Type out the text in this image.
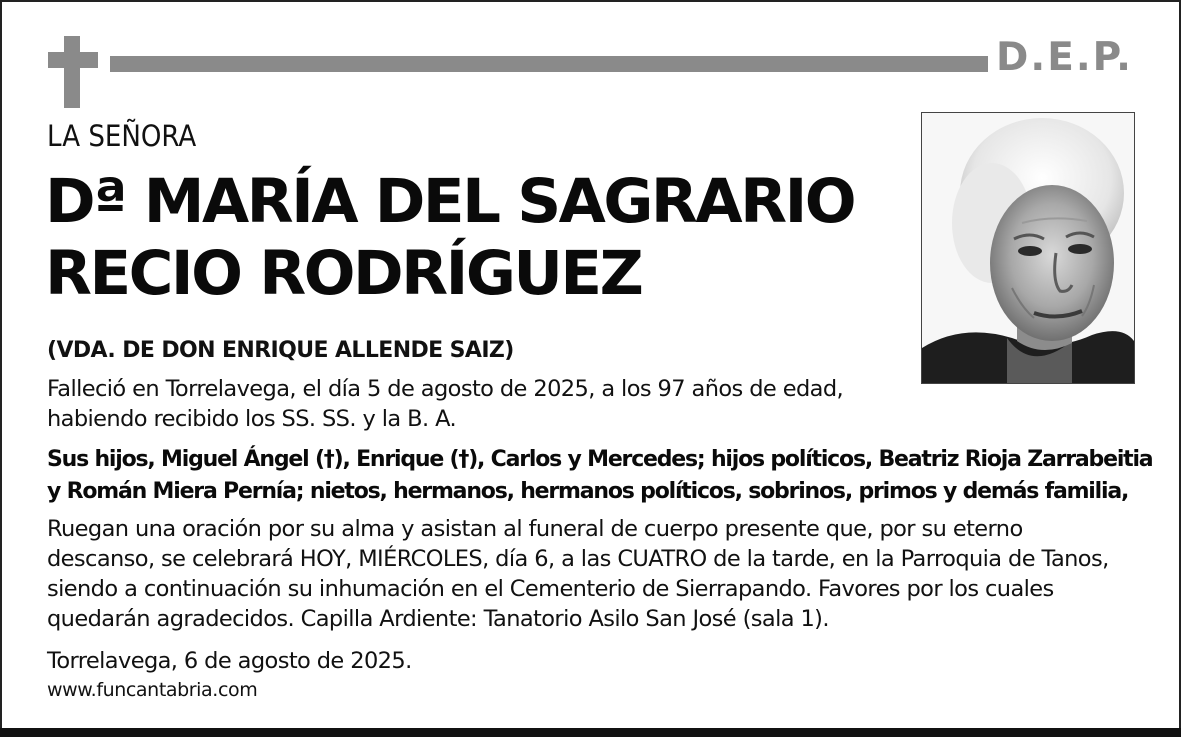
D.E.P.
LA SEÑORA
Dª MARÍA DEL SAGRARIO
RECIO RODRÍGUEZ
(VDA. DE DON ENRIQUE ALLENDE SAIZ)
Falleció en Torrelavega, el día 5 de agosto de 2025, a los 97 años de edad,
habiendo recibido los SS. SS. y la B. A.
Sus hijos, Miguel Ángel (†), Enrique (†), Carlos y Mercedes; hijos políticos, Beatriz Rioja Zarrabeitia
y Román Miera Pernía; nietos, hermanos, hermanos políticos, sobrinos, primos y demás familia,
Ruegan una oración por su alma y asistan al funeral de cuerpo presente que, por su eterno
descanso, se celebrará HOY, MIÉRCOLES, día 6, a las CUATRO de la tarde, en la Parroquia de Tanos,
siendo a continuación su inhumación en el Cementerio de Sierrapando. Favores por los cuales
quedarán agradecidos. Capilla Ardiente: Tanatorio Asilo San José (sala 1).
Torrelavega, 6 de agosto de 2025.
www.funcantabria.com
